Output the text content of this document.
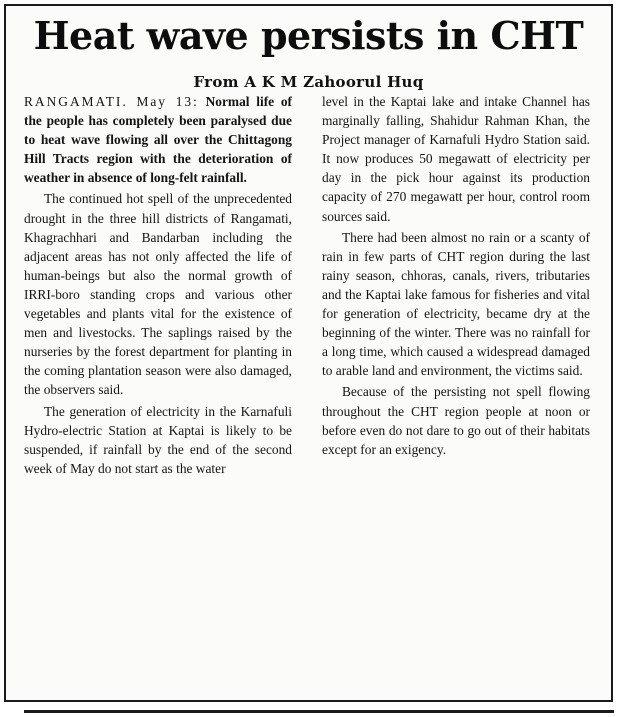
Heat wave persists in CHT
From A K M Zahoorul Huq

RANGAMATI. May 13: Normal life of the people has completely been paralysed due to heat wave flowing all over the Chittagong Hill Tracts region with the deterioration of weather in absence of long-felt rainfall.

The continued hot spell of the unprecedented drought in the three hill districts of Rangamati, Khagrachhari and Bandarban including the adjacent areas has not only affected the life of human-beings but also the normal growth of IRRI-boro standing crops and various other vegetables and plants vital for the existence of men and livestocks. The saplings raised by the nurseries by the forest department for planting in the coming plantation season were also damaged, the observers said.

The generation of electricity in the Karnafuli Hydro-electric Station at Kaptai is likely to be suspended, if rainfall by the end of the second week of May do not start as the water

level in the Kaptai lake and intake Channel has marginally falling, Shahidur Rahman Khan, the Project manager of Karnafuli Hydro Station said. It now produces 50 megawatt of electricity per day in the pick hour against its production capacity of 270 megawatt per hour, control room sources said.

There had been almost no rain or a scanty of rain in few parts of CHT region during the last rainy season, chhoras, canals, rivers, tributaries and the Kaptai lake famous for fisheries and vital for generation of electricity, became dry at the beginning of the winter. There was no rainfall for a long time, which caused a widespread damaged to arable land and environment, the victims said.

Because of the persisting not spell flowing throughout the CHT region people at noon or before even do not dare to go out of their habitats except for an exigency.
